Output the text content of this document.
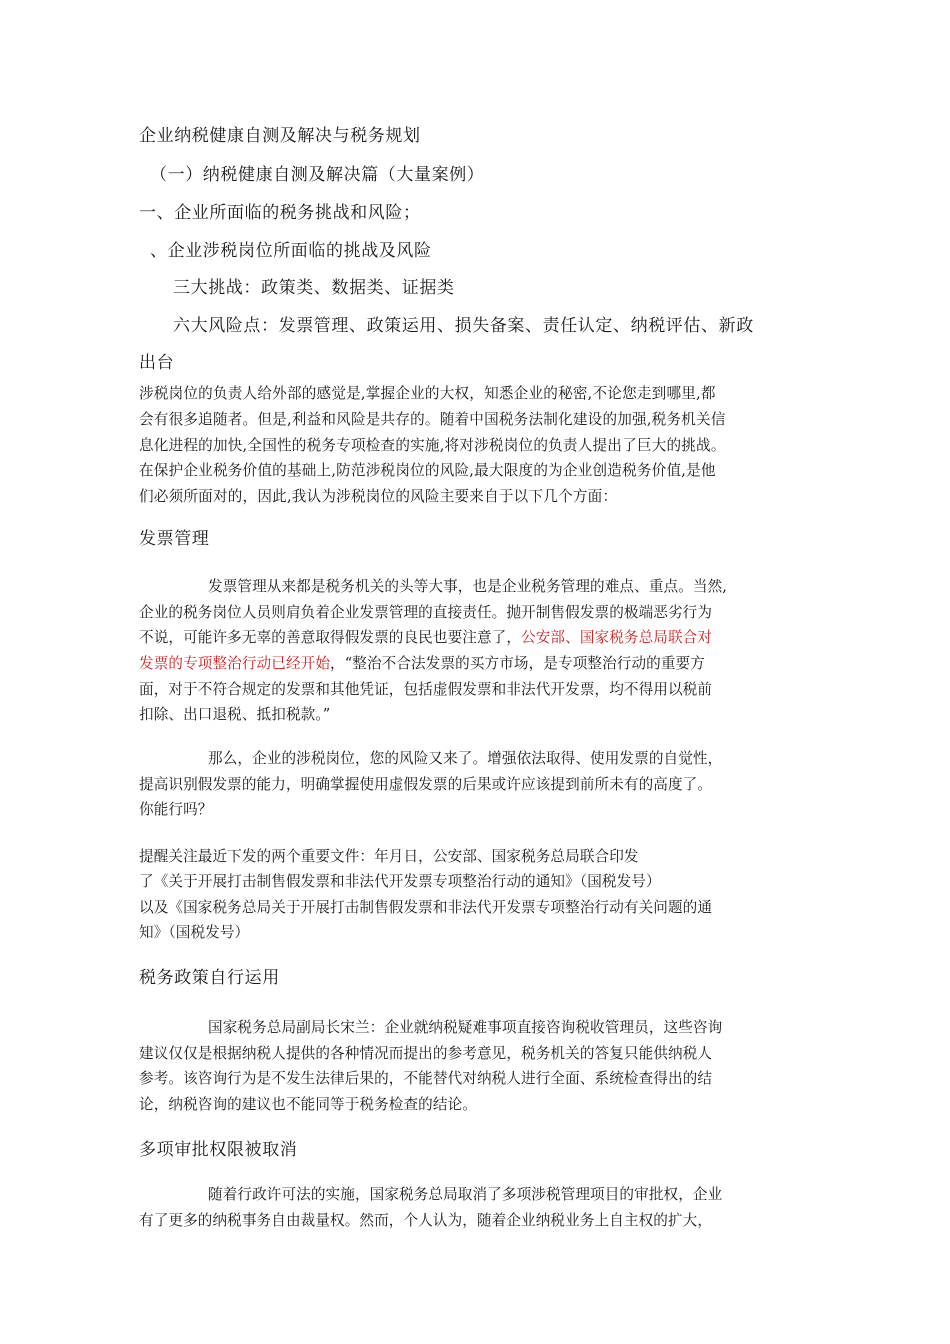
企业纳税健康自测及解决与税务规划
（一）纳税健康自测及解决篇（大量案例）
一、企业所面临的税务挑战和风险；
、企业涉税岗位所面临的挑战及风险
三大挑战：政策类、数据类、证据类
六大风险点：发票管理、政策运用、损失备案、责任认定、纳税评估、新政
出台
涉税岗位的负责人给外部的感觉是,掌握企业的大权，知悉企业的秘密,不论您走到哪里,都
会有很多追随者。但是,利益和风险是共存的。随着中国税务法制化建设的加强,税务机关信
息化进程的加快,全国性的税务专项检查的实施,将对涉税岗位的负责人提出了巨大的挑战。
在保护企业税务价值的基础上,防范涉税岗位的风险,最大限度的为企业创造税务价值,是他
们必须所面对的，因此,我认为涉税岗位的风险主要来自于以下几个方面：
发票管理
发票管理从来都是税务机关的头等大事，也是企业税务管理的难点、重点。当然,
企业的税务岗位人员则肩负着企业发票管理的直接责任。抛开制售假发票的极端恶劣行为
不说，可能许多无辜的善意取得假发票的良民也要注意了，公安部、国家税务总局联合对
发票的专项整治行动已经开始，“整治不合法发票的买方市场，是专项整治行动的重要方
面，对于不符合规定的发票和其他凭证，包括虚假发票和非法代开发票，均不得用以税前
扣除、出口退税、抵扣税款。”
那么，企业的涉税岗位，您的风险又来了。增强依法取得、使用发票的自觉性，
提高识别假发票的能力，明确掌握使用虚假发票的后果或许应该提到前所未有的高度了。
你能行吗？
提醒关注最近下发的两个重要文件：年月日，公安部、国家税务总局联合印发
了《关于开展打击制售假发票和非法代开发票专项整治行动的通知》（国税发号）
以及《国家税务总局关于开展打击制售假发票和非法代开发票专项整治行动有关问题的通
知》（国税发号）
税务政策自行运用
国家税务总局副局长宋兰：企业就纳税疑难事项直接咨询税收管理员，这些咨询
建议仅仅是根据纳税人提供的各种情况而提出的参考意见，税务机关的答复只能供纳税人
参考。该咨询行为是不发生法律后果的，不能替代对纳税人进行全面、系统检查得出的结
论，纳税咨询的建议也不能同等于税务检查的结论。
多项审批权限被取消
随着行政许可法的实施，国家税务总局取消了多项涉税管理项目的审批权，企业
有了更多的纳税事务自由裁量权。然而，个人认为，随着企业纳税业务上自主权的扩大，
